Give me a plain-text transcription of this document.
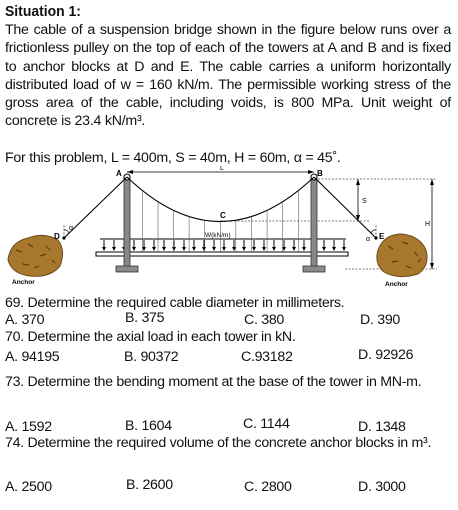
Situation 1:
The cable of a suspension bridge shown in the figure below runs over a frictionless pulley on the top of each of the towers at A and B and is fixed to anchor blocks at D and E. The cable carries a uniform horizontally distributed load of w = 160 kN/m. The permissible working stress of the gross area of the cable, including voids, is 800 MPa. Unit weight of concrete is 23.4 kN/m³.
For this problem, L = 400m, S = 40m, H = 60m, α = 45˚.
L
H
S
Anchor	Anchor
W(kN/m)
α
α
A	B
C
D	E
69. Determine the required cable diameter in millimeters.
A. 370	B. 375	C. 380	D. 390
70. Determine the axial load in each tower in kN.
A. 94195	B. 90372	C.93182	D. 92926
73. Determine the bending moment at the base of the tower in MN-m.
A. 1592	B. 1604	C. 1144	D. 1348
74. Determine the required volume of the concrete anchor blocks in m³.
A. 2500	B. 2600	C. 2800	D. 3000
